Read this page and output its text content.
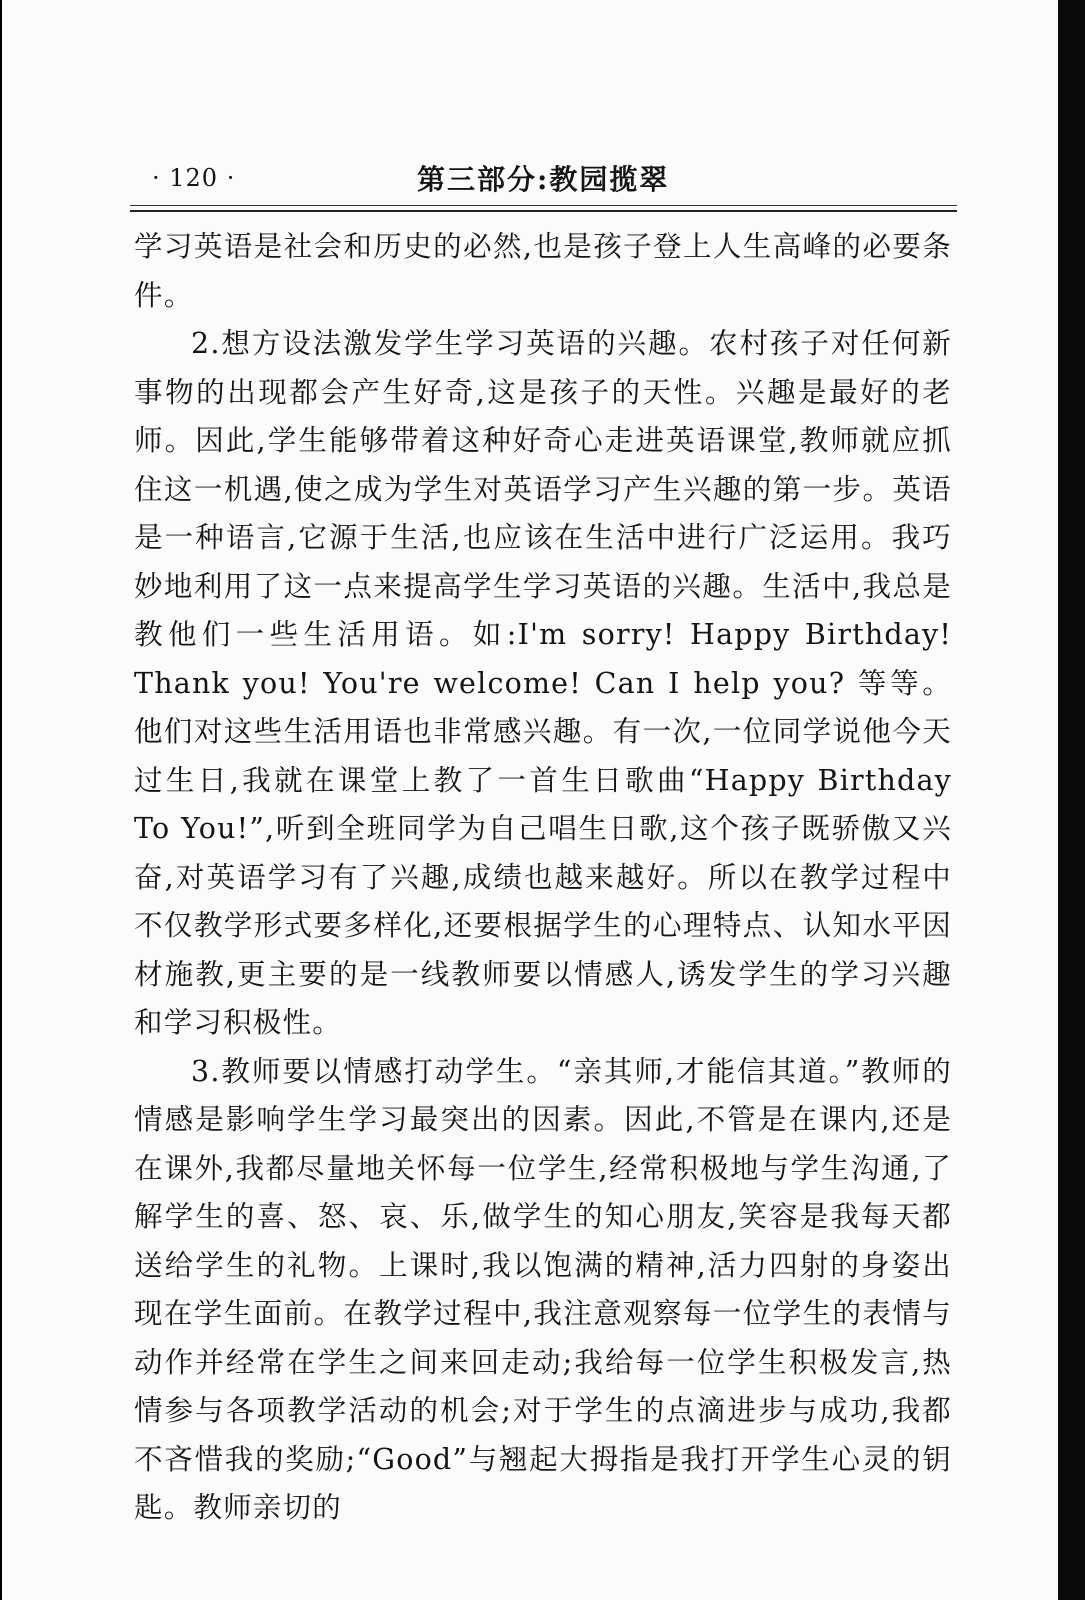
· 120 ·	第三部分:教园揽翠

学习英语是社会和历史的必然,也是孩子登上人生高峰的必要条件。

2.想方设法激发学生学习英语的兴趣。农村孩子对任何新事物的出现都会产生好奇,这是孩子的天性。兴趣是最好的老师。因此,学生能够带着这种好奇心走进英语课堂,教师就应抓住这一机遇,使之成为学生对英语学习产生兴趣的第一步。英语是一种语言,它源于生活,也应该在生活中进行广泛运用。我巧妙地利用了这一点来提高学生学习英语的兴趣。生活中,我总是教他们一些生活用语。如:I'm sorry! Happy Birthday! Thank you! You're welcome! Can I help you? 等等。他们对这些生活用语也非常感兴趣。有一次,一位同学说他今天过生日,我就在课堂上教了一首生日歌曲“Happy Birthday To You!”,听到全班同学为自己唱生日歌,这个孩子既骄傲又兴奋,对英语学习有了兴趣,成绩也越来越好。所以在教学过程中不仅教学形式要多样化,还要根据学生的心理特点、认知水平因材施教,更主要的是一线教师要以情感人,诱发学生的学习兴趣和学习积极性。

3.教师要以情感打动学生。“亲其师,才能信其道。”教师的情感是影响学生学习最突出的因素。因此,不管是在课内,还是在课外,我都尽量地关怀每一位学生,经常积极地与学生沟通,了解学生的喜、怒、哀、乐,做学生的知心朋友,笑容是我每天都送给学生的礼物。上课时,我以饱满的精神,活力四射的身姿出现在学生面前。在教学过程中,我注意观察每一位学生的表情与动作并经常在学生之间来回走动;我给每一位学生积极发言,热情参与各项教学活动的机会;对于学生的点滴进步与成功,我都不吝惜我的奖励;“Good”与翘起大拇指是我打开学生心灵的钥匙。教师亲切的
